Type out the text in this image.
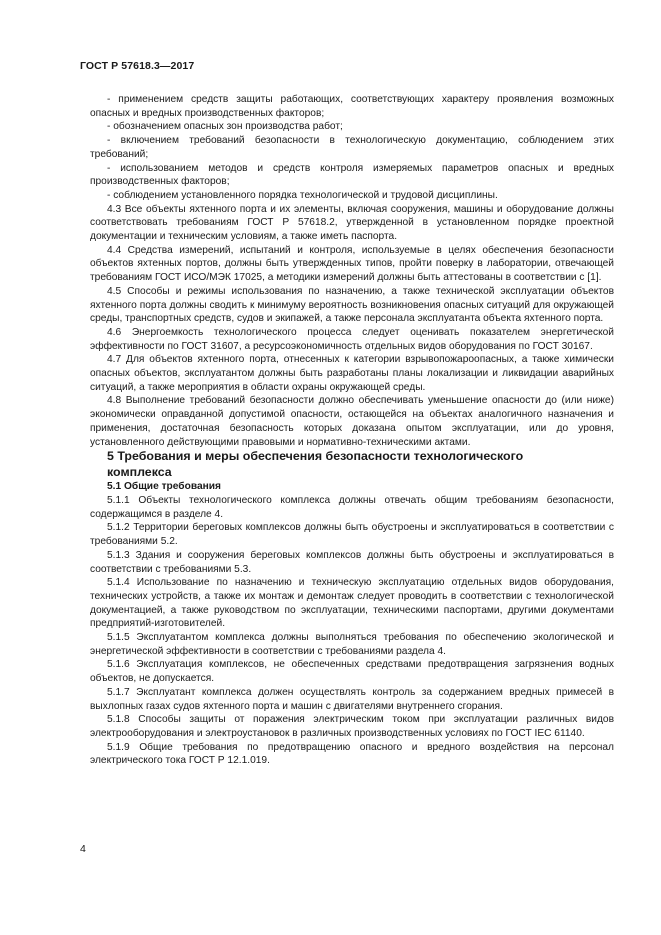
ГОСТ Р 57618.3—2017

- применением средств защиты работающих, соответствующих характеру проявления возможных опасных и вредных производственных факторов;

- обозначением опасных зон производства работ;

- включением требований безопасности в технологическую документацию, соблюдением этих требований;

- использованием методов и средств контроля измеряемых параметров опасных и вредных производственных факторов;

- соблюдением установленного порядка технологической и трудовой дисциплины.

4.3 Все объекты яхтенного порта и их элементы, включая сооружения, машины и оборудование должны соответствовать требованиям ГОСТ Р 57618.2, утвержденной в установленном порядке проектной документации и техническим условиям, а также иметь паспорта.

4.4 Средства измерений, испытаний и контроля, используемые в целях обеспечения безопасности объектов яхтенных портов, должны быть утвержденных типов, пройти поверку в лаборатории, отвечающей требованиям ГОСТ ИСО/МЭК 17025, а методики измерений должны быть аттестованы в соответствии с [1].

4.5 Способы и режимы использования по назначению, а также технической эксплуатации объектов яхтенного порта должны сводить к минимуму вероятность возникновения опасных ситуаций для окружающей среды, транспортных средств, судов и экипажей, а также персонала эксплуатанта объекта яхтенного порта.

4.6 Энергоемкость технологического процесса следует оценивать показателем энергетической эффективности по ГОСТ 31607, а ресурсоэкономичность отдельных видов оборудования по ГОСТ 30167.

4.7 Для объектов яхтенного порта, отнесенных к категории взрывопожароопасных, а также химически опасных объектов, эксплуатантом должны быть разработаны планы локализации и ликвидации аварийных ситуаций, а также мероприятия в области охраны окружающей среды.

4.8 Выполнение требований безопасности должно обеспечивать уменьшение опасности до (или ниже) экономически оправданной допустимой опасности, остающейся на объектах аналогичного назначения и применения, достаточная безопасность которых доказана опытом эксплуатации, или до уровня, установленного действующими правовыми и нормативно-техническими актами.

5 Требования и меры обеспечения безопасности технологического комплекса

5.1 Общие требования

5.1.1 Объекты технологического комплекса должны отвечать общим требованиям безопасности, содержащимся в разделе 4.

5.1.2 Территории береговых комплексов должны быть обустроены и эксплуатироваться в соответствии с требованиями 5.2.

5.1.3 Здания и сооружения береговых комплексов должны быть обустроены и эксплуатироваться в соответствии с требованиями 5.3.

5.1.4 Использование по назначению и техническую эксплуатацию отдельных видов оборудования, технических устройств, а также их монтаж и демонтаж следует проводить в соответствии с технологической документацией, а также руководством по эксплуатации, техническими паспортами, другими документами предприятий-изготовителей.

5.1.5 Эксплуатантом комплекса должны выполняться требования по обеспечению экологической и энергетической эффективности в соответствии с требованиями раздела 4.

5.1.6 Эксплуатация комплексов, не обеспеченных средствами предотвращения загрязнения водных объектов, не допускается.

5.1.7 Эксплуатант комплекса должен осуществлять контроль за содержанием вредных примесей в выхлопных газах судов яхтенного порта и машин с двигателями внутреннего сгорания.

5.1.8 Способы защиты от поражения электрическим током при эксплуатации различных видов электрооборудования и электроустановок в различных производственных условиях по ГОСТ IEC 61140.

5.1.9 Общие требования по предотвращению опасного и вредного воздействия на персонал электрического тока ГОСТ Р 12.1.019.

4
